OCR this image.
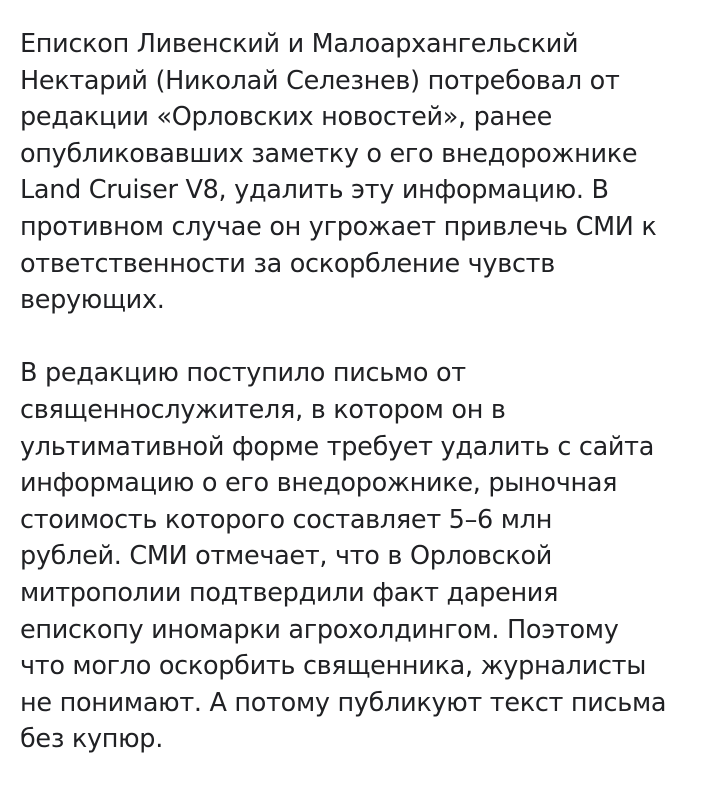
Епископ Ливенский и Малоархангельский
Нектарий (Николай Селезнев) потребовал от
редакции «Орловских новостей», ранее
опубликовавших заметку о его внедорожнике
Land Cruiser V8, удалить эту информацию. В
противном случае он угрожает привлечь СМИ к
ответственности за оскорбление чувств
верующих.

В редакцию поступило письмо от
священнослужителя, в котором он в
ультимативной форме требует удалить с сайта
информацию о его внедорожнике, рыночная
стоимость которого составляет 5–6 млн
рублей. СМИ отмечает, что в Орловской
митрополии подтвердили факт дарения
епископу иномарки агрохолдингом. Поэтому
что могло оскорбить священника, журналисты
не понимают. А потому публикуют текст письма
без купюр.
